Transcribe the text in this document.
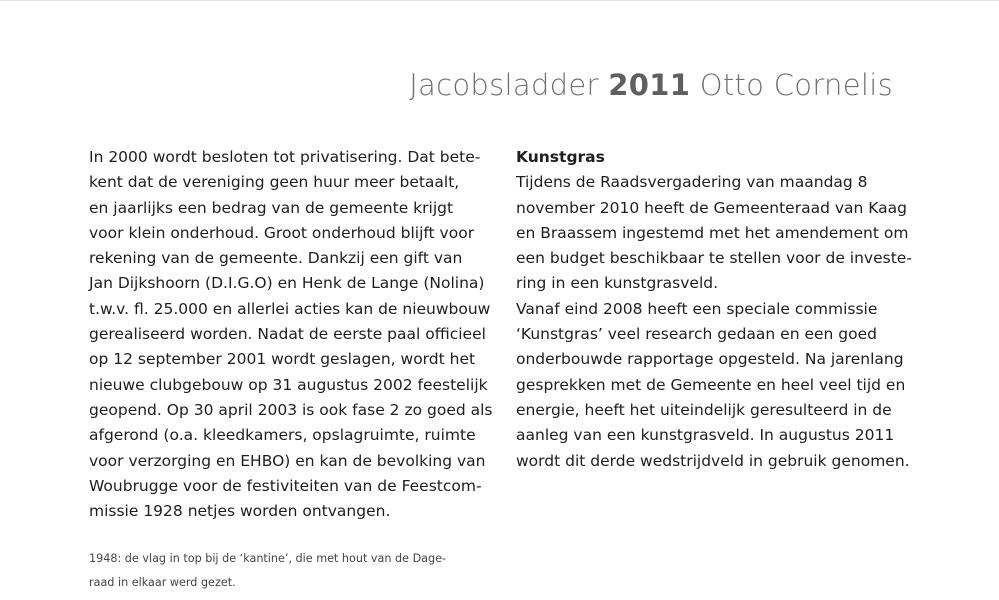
Jacobsladder 2011 Otto Cornelis
In 2000 wordt besloten tot privatisering. Dat bete-
kent dat de vereniging geen huur meer betaalt,
en jaarlijks een bedrag van de gemeente krijgt
voor klein onderhoud. Groot onderhoud blijft voor
rekening van de gemeente. Dankzij een gift van
Jan Dijkshoorn (D.I.G.O) en Henk de Lange (Nolina)
t.w.v. fl. 25.000 en allerlei acties kan de nieuwbouw
gerealiseerd worden. Nadat de eerste paal officieel
op 12 september 2001 wordt geslagen, wordt het
nieuwe clubgebouw op 31 augustus 2002 feestelijk
geopend. Op 30 april 2003 is ook fase 2 zo goed als
afgerond (o.a. kleedkamers, opslagruimte, ruimte
voor verzorging en EHBO) en kan de bevolking van
Woubrugge voor de festiviteiten van de Feestcom-
missie 1928 netjes worden ontvangen.
1948: de vlag in top bij de ‘kantine’, die met hout van de Dage-
raad in elkaar werd gezet.
Kunstgras
Tijdens de Raadsvergadering van maandag 8
november 2010 heeft de Gemeenteraad van Kaag
en Braassem ingestemd met het amendement om
een budget beschikbaar te stellen voor de investe-
ring in een kunstgrasveld.
Vanaf eind 2008 heeft een speciale commissie
‘Kunstgras’ veel research gedaan en een goed
onderbouwde rapportage opgesteld. Na jarenlang
gesprekken met de Gemeente en heel veel tijd en
energie, heeft het uiteindelijk geresulteerd in de
aanleg van een kunstgrasveld. In augustus 2011
wordt dit derde wedstrijdveld in gebruik genomen.
